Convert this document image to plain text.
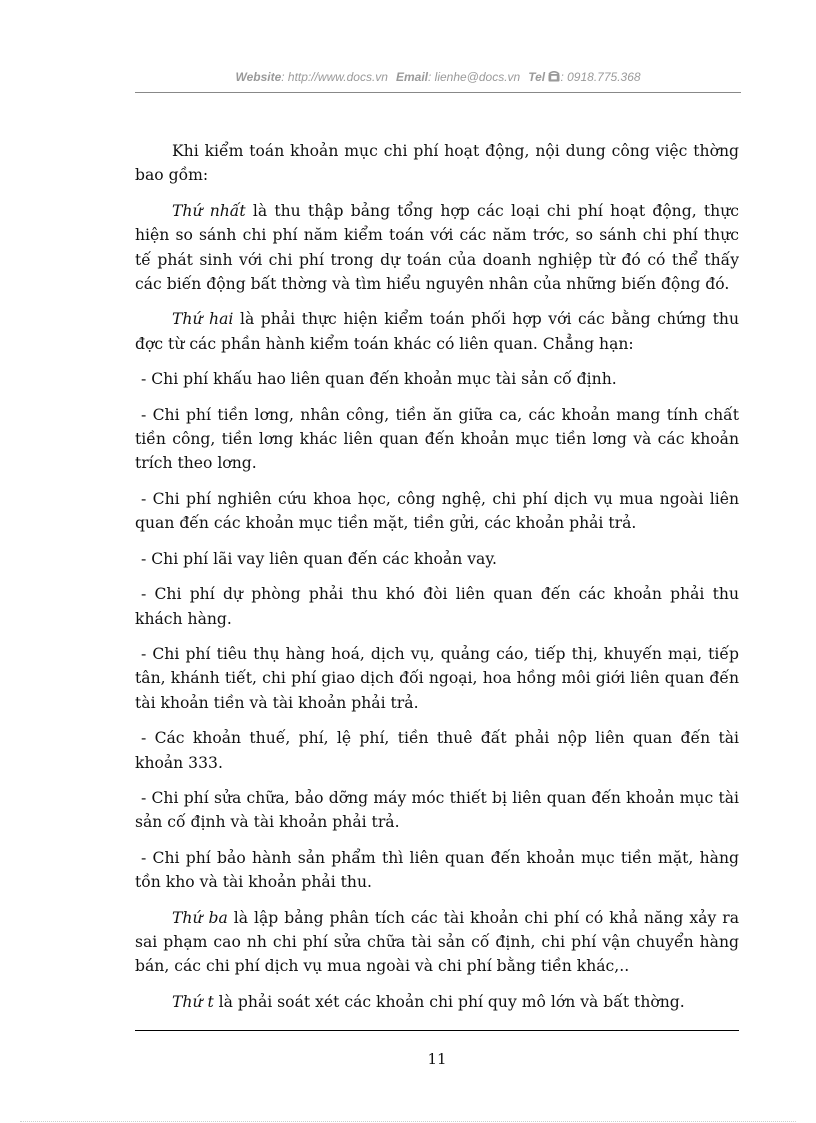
Website: http://www.docs.vn Email: lienhe@docs.vn Tel : 0918.775.368

Khi kiểm toán khoản mục chi phí hoạt động, nội dung công việc thờng bao gồm:

Thứ nhất là thu thập bảng tổng hợp các loại chi phí hoạt động, thực hiện so sánh chi phí năm kiểm toán với các năm trớc, so sánh chi phí thực tế phát sinh với chi phí trong dự toán của doanh nghiệp từ đó có thể thấy các biến động bất thờng và tìm hiểu nguyên nhân của những biến động đó.

Thứ hai là phải thực hiện kiểm toán phối hợp với các bằng chứng thu đợc từ các phần hành kiểm toán khác có liên quan. Chẳng hạn:

- Chi phí khấu hao liên quan đến khoản mục tài sản cố định.

- Chi phí tiền lơng, nhân công, tiền ăn giữa ca, các khoản mang tính chất tiền công, tiền lơng khác liên quan đến khoản mục tiền lơng và các khoản trích theo lơng.

- Chi phí nghiên cứu khoa học, công nghệ, chi phí dịch vụ mua ngoài liên quan đến các khoản mục tiền mặt, tiền gửi, các khoản phải trả.

- Chi phí lãi vay liên quan đến các khoản vay.

- Chi phí dự phòng phải thu khó đòi liên quan đến các khoản phải thu khách hàng.

- Chi phí tiêu thụ hàng hoá, dịch vụ, quảng cáo, tiếp thị, khuyến mại, tiếp tân, khánh tiết, chi phí giao dịch đối ngoại, hoa hồng môi giới liên quan đến tài khoản tiền và tài khoản phải trả.

- Các khoản thuế, phí, lệ phí, tiền thuê đất phải nộp liên quan đến tài khoản 333.

- Chi phí sửa chữa, bảo dỡng máy móc thiết bị liên quan đến khoản mục tài sản cố định và tài khoản phải trả.

- Chi phí bảo hành sản phẩm thì liên quan đến khoản mục tiền mặt, hàng tồn kho và tài khoản phải thu.

Thứ ba là lập bảng phân tích các tài khoản chi phí có khả năng xảy ra sai phạm cao nh chi phí sửa chữa tài sản cố định, chi phí vận chuyển hàng bán, các chi phí dịch vụ mua ngoài và chi phí bằng tiền khác,..

Thứ t là phải soát xét các khoản chi phí quy mô lớn và bất thờng.

11
